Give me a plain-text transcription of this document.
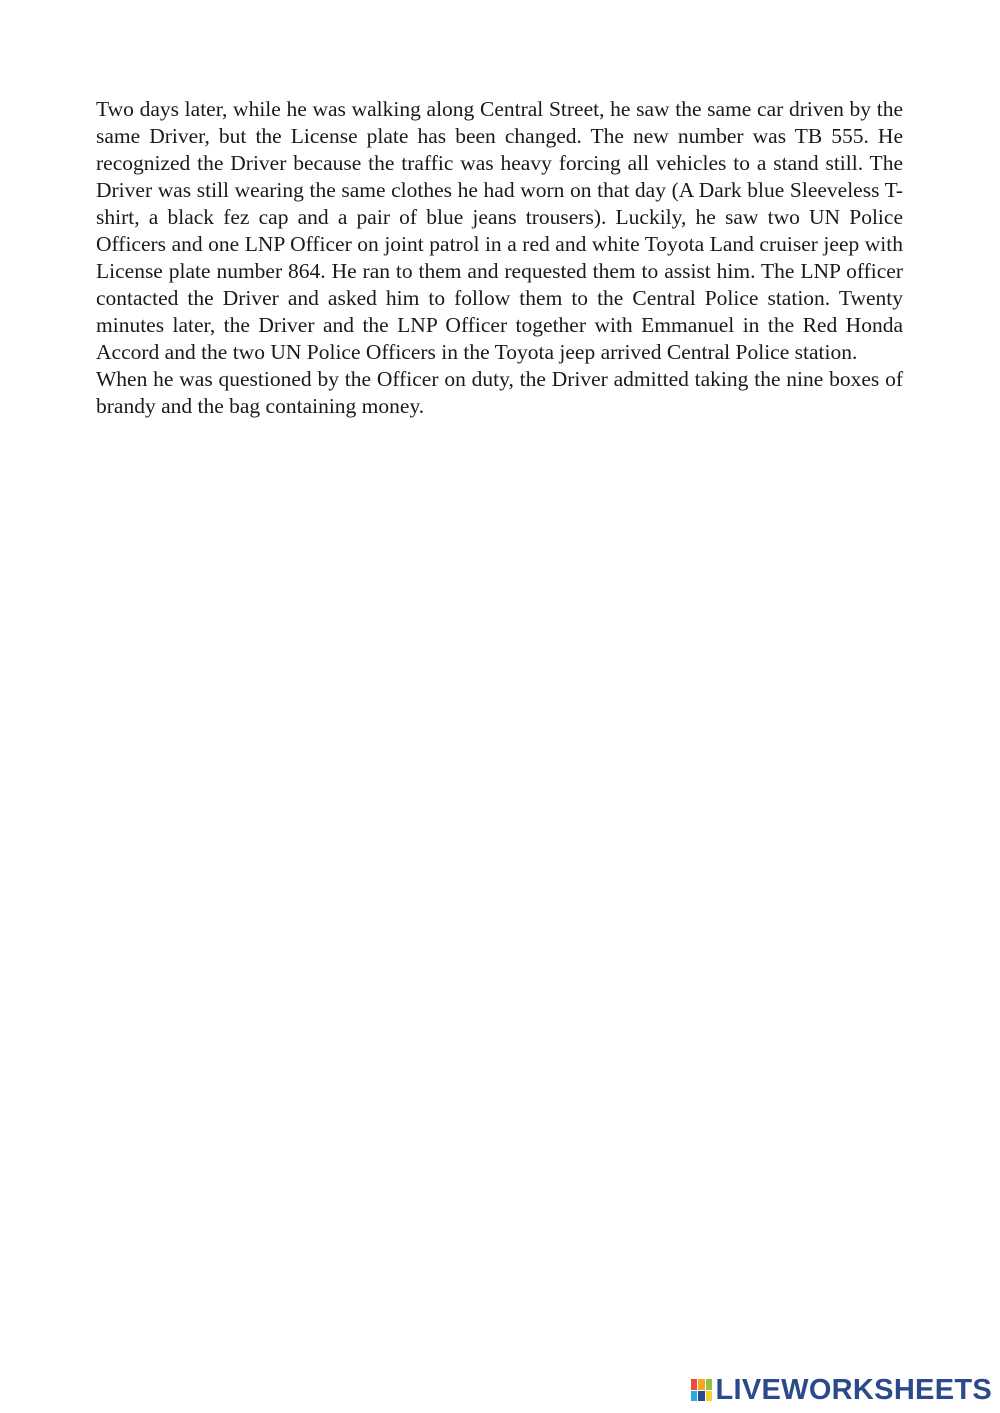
Two days later, while he was walking along Central Street, he saw the same car driven by the same Driver, but the License plate has been changed. The new number was TB 555. He recognized the Driver because the traffic was heavy forcing all vehicles to a stand still. The Driver was still wearing the same clothes he had worn on that day (A Dark blue Sleeveless T-shirt, a black fez cap and a pair of blue jeans trousers). Luckily, he saw two UN Police Officers and one LNP Officer on joint patrol in a red and white Toyota Land cruiser jeep with License plate number 864. He ran to them and requested them to assist him. The LNP officer contacted the Driver and asked him to follow them to the Central Police station. Twenty minutes later, the Driver and the LNP Officer together with Emmanuel in the Red Honda Accord and the two UN Police Officers in the Toyota jeep arrived Central Police station.

When he was questioned by the Officer on duty, the Driver admitted taking the nine boxes of brandy and the bag containing money.

LIVEWORKSHEETS
